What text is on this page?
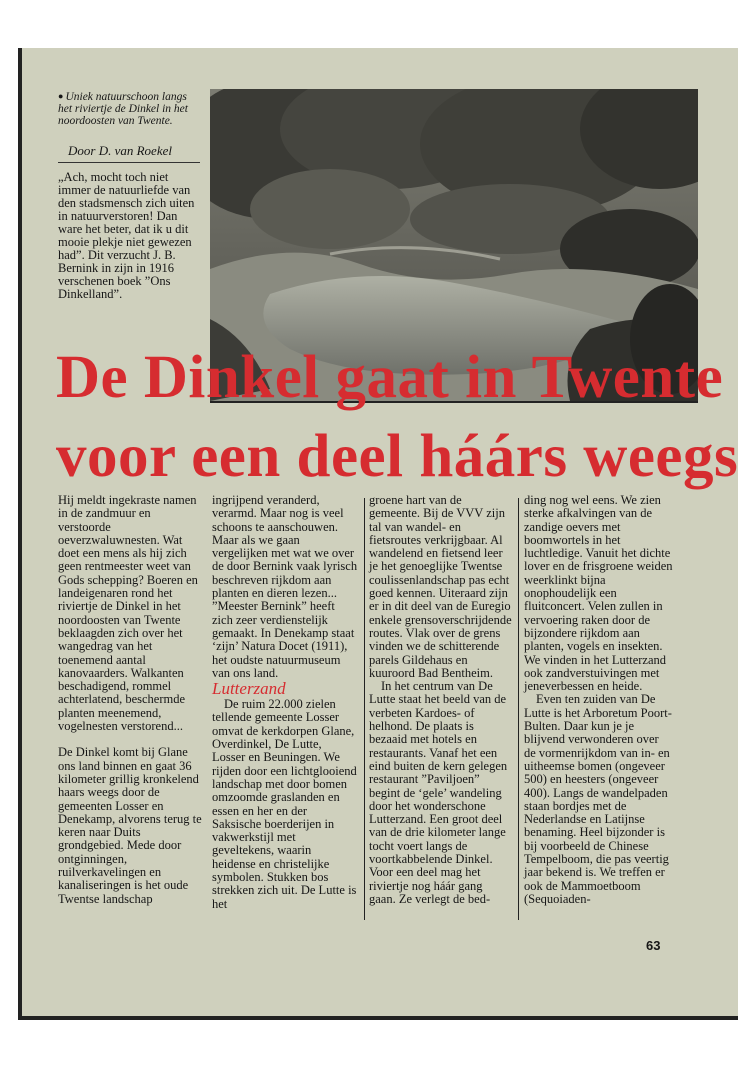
● Uniek natuurschoon langs het riviertje de Dinkel in het noordoosten van Twente.

Door D. van Roekel

„Ach, mocht toch niet immer de natuurliefde van den stadsmensch zich uiten in natuurverstoren! Dan ware het beter, dat ik u dit mooie plekje niet gewezen had”. Dit verzucht J. B. Bernink in zijn in 1916 verschenen boek ”Ons Dinkelland”.

De Dinkel gaat in Twente
voor een deel háárs weegs

Hij meldt ingekraste namen in de zandmuur en verstoorde oeverzwaluwnesten. Wat doet een mens als hij zich geen rentmeester weet van Gods schepping? Boeren en landeigenaren rond het riviertje de Dinkel in het noordoosten van Twente beklaagden zich over het wangedrag van het toenemend aantal kanovaarders. Walkanten beschadigend, rommel achterlatend, beschermde planten meenemend, vogelnesten verstorend...

De Dinkel komt bij Glane ons land binnen en gaat 36 kilometer grillig kronkelend haars weegs door de gemeenten Losser en Denekamp, alvorens terug te keren naar Duits grondgebied. Mede door ontginningen, ruilverkavelingen en kanaliseringen is het oude Twentse landschap

ingrijpend veranderd, verarmd. Maar nog is veel schoons te aanschouwen. Maar als we gaan vergelijken met wat we over de door Bernink vaak lyrisch beschreven rijkdom aan planten en dieren lezen... ”Meester Bernink” heeft zich zeer verdienstelijk gemaakt. In Denekamp staat ‘zijn’ Natura Docet (1911), het oudste natuurmuseum van ons land.

Lutterzand

De ruim 22.000 zielen tellende gemeente Losser omvat de kerkdorpen Glane, Overdinkel, De Lutte, Losser en Beuningen. We rijden door een lichtglooiend landschap met door bomen omzoomde graslanden en essen en her en der Saksische boerderijen in vakwerkstijl met geveltekens, waarin heidense en christelijke symbolen. Stukken bos strekken zich uit. De Lutte is het

groene hart van de gemeente. Bij de VVV zijn tal van wandel- en fietsroutes verkrijgbaar. Al wandelend en fietsend leer je het genoeglijke Twentse coulissenlandschap pas echt goed kennen. Uiteraard zijn er in dit deel van de Euregio enkele grensoverschrijdende routes. Vlak over de grens vinden we de schitterende parels Gildehaus en kuuroord Bad Bentheim.

In het centrum van De Lutte staat het beeld van de verbeten Kardoes- of helhond. De plaats is bezaaid met hotels en restaurants. Vanaf het een eind buiten de kern gelegen restaurant ”Paviljoen” begint de ‘gele’ wandeling door het wonderschone Lutterzand. Een groot deel van de drie kilometer lange tocht voert langs de voortkabbelende Dinkel. Voor een deel mag het riviertje nog háár gang gaan. Ze verlegt de bed-

ding nog wel eens. We zien sterke afkalvingen van de zandige oevers met boomwortels in het luchtledige. Vanuit het dichte lover en de frisgroene weiden weerklinkt bijna onophoudelijk een fluitconcert. Velen zullen in vervoering raken door de bijzondere rijkdom aan planten, vogels en insekten. We vinden in het Lutterzand ook zandverstuivingen met jeneverbessen en heide.

Even ten zuiden van De Lutte is het Arboretum Poort-Bulten. Daar kun je je blijvend verwonderen over de vormenrijkdom van in- en uitheemse bomen (ongeveer 500) en heesters (ongeveer 400). Langs de wandelpaden staan bordjes met de Nederlandse en Latijnse benaming. Heel bijzonder is bij voorbeeld de Chinese Tempelboom, die pas veertig jaar bekend is. We treffen er ook de Mammoetboom (Sequoiaden-

63
